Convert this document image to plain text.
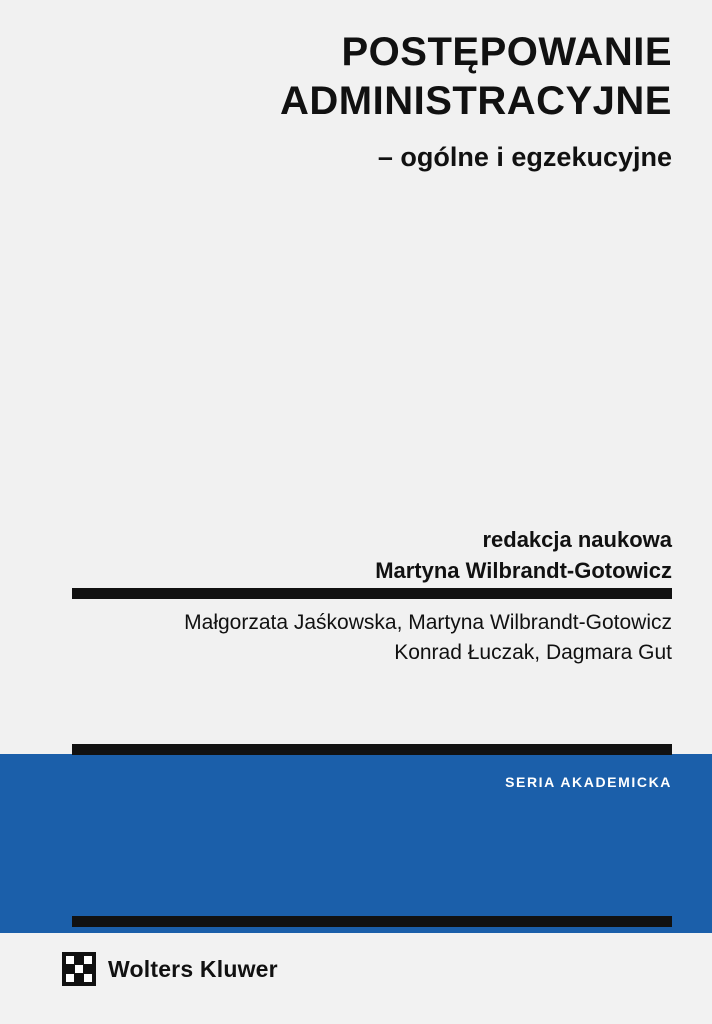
POSTĘPOWANIE
ADMINISTRACYJNE
– ogólne i egzekucyjne
redakcja naukowa
Martyna Wilbrandt-Gotowicz
Małgorzata Jaśkowska, Martyna Wilbrandt-Gotowicz
Konrad Łuczak, Dagmara Gut
SERIA AKADEMICKA
Wolters Kluwer
